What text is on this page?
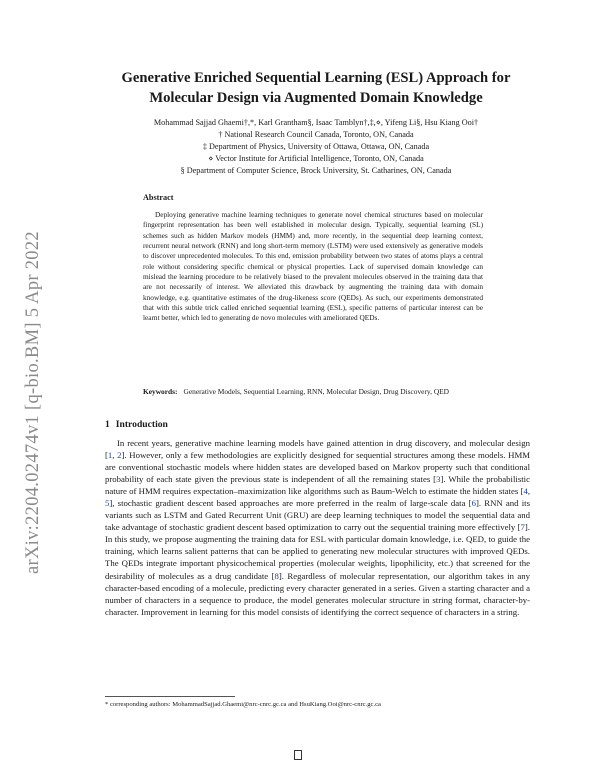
arXiv:2204.02474v1 [q-bio.BM] 5 Apr 2022
Generative Enriched Sequential Learning (ESL) Approach for
Molecular Design via Augmented Domain Knowledge
Mohammad Sajjad Ghaemi†,*, Karl Grantham§, Isaac Tamblyn†,‡,⋄, Yifeng Li§, Hsu Kiang Ooi†
† National Research Council Canada, Toronto, ON, Canada
‡ Department of Physics, University of Ottawa, Ottawa, ON, Canada
⋄ Vector Institute for Artificial Intelligence, Toronto, ON, Canada
§ Department of Computer Science, Brock University, St. Catharines, ON, Canada
Abstract

Deploying generative machine learning techniques to generate novel chemical structures based on molecular fingerprint representation has been well established in molecular design. Typically, sequential learning (SL) schemes such as hidden Markov models (HMM) and, more recently, in the sequential deep learning context, recurrent neural network (RNN) and long short-term memory (LSTM) were used extensively as generative models to discover unprecedented molecules. To this end, emission probability between two states of atoms plays a central role without considering specific chemical or physical properties. Lack of supervised domain knowledge can mislead the learning procedure to be relatively biased to the prevalent molecules observed in the training data that are not necessarily of interest. We alleviated this drawback by augmenting the training data with domain knowledge, e.g. quantitative estimates of the drug-likeness score (QEDs). As such, our experiments demonstrated that with this subtle trick called enriched sequential learning (ESL), specific patterns of particular interest can be learnt better, which led to generating de novo molecules with ameliorated QEDs.

Keywords: Generative Models, Sequential Learning, RNN, Molecular Design, Drug Discovery, QED

1 Introduction

In recent years, generative machine learning models have gained attention in drug discovery, and molecular design [1, 2]. However, only a few methodologies are explicitly designed for sequential structures among these models. HMM are conventional stochastic models where hidden states are developed based on Markov property such that conditional probability of each state given the previous state is independent of all the remaining states [3]. While the probabilistic nature of HMM requires expectation–maximization like algorithms such as Baum-Welch to estimate the hidden states [4, 5], stochastic gradient descent based approaches are more preferred in the realm of large-scale data [6]. RNN and its variants such as LSTM and Gated Recurrent Unit (GRU) are deep learning techniques to model the sequential data and take advantage of stochastic gradient descent based optimization to carry out the sequential training more effectively [7]. In this study, we propose augmenting the training data for ESL with particular domain knowledge, i.e. QED, to guide the training, which learns salient patterns that can be applied to generating new molecular structures with improved QEDs. The QEDs integrate important physicochemical properties (molecular weights, lipophilicity, etc.) that screened for the desirability of molecules as a drug candidate [8]. Regardless of molecular representation, our algorithm takes in any character-based encoding of a molecule, predicting every character generated in a series. Given a starting character and a number of characters in a sequence to produce, the model generates molecular structure in string format, character-by-character. Improvement in learning for this model consists of identifying the correct sequence of characters in a string.

* corresponding authors: MohammadSajjad.Ghaemi@nrc-cnrc.gc.ca and HsuKiang.Ooi@nrc-cnrc.gc.ca
